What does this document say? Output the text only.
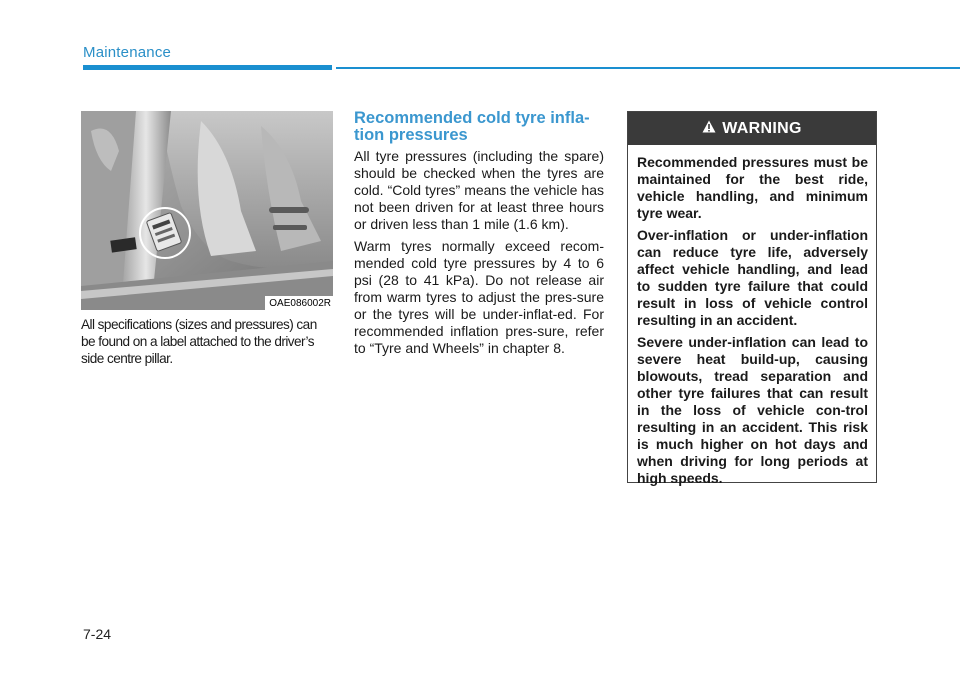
Maintenance
OAE086002R
All specifications (sizes and pressures) can be found on a label attached to the driver’s side centre pillar.
Recommended cold tyre infla-tion pressures

All tyre pressures (including the spare) should be checked when the tyres are cold. “Cold tyres” means the vehicle has not been driven for at least three hours or driven less than 1 mile (1.6 km).

Warm tyres normally exceed recom-mended cold tyre pressures by 4 to 6 psi (28 to 41 kPa). Do not release air from warm tyres to adjust the pres-sure or the tyres will be under-inflat-ed. For recommended inflation pres-sure, refer to “Tyre and Wheels” in chapter 8.

WARNING

Recommended pressures must be maintained for the best ride, vehicle handling, and minimum tyre wear.

Over-inflation or under-inflation can reduce tyre life, adversely affect vehicle handling, and lead to sudden tyre failure that could result in loss of vehicle control resulting in an accident.

Severe under-inflation can lead to severe heat build-up, causing blowouts, tread separation and other tyre failures that can result in the loss of vehicle con-trol resulting in an accident. This risk is much higher on hot days and when driving for long periods at high speeds.

7-24
